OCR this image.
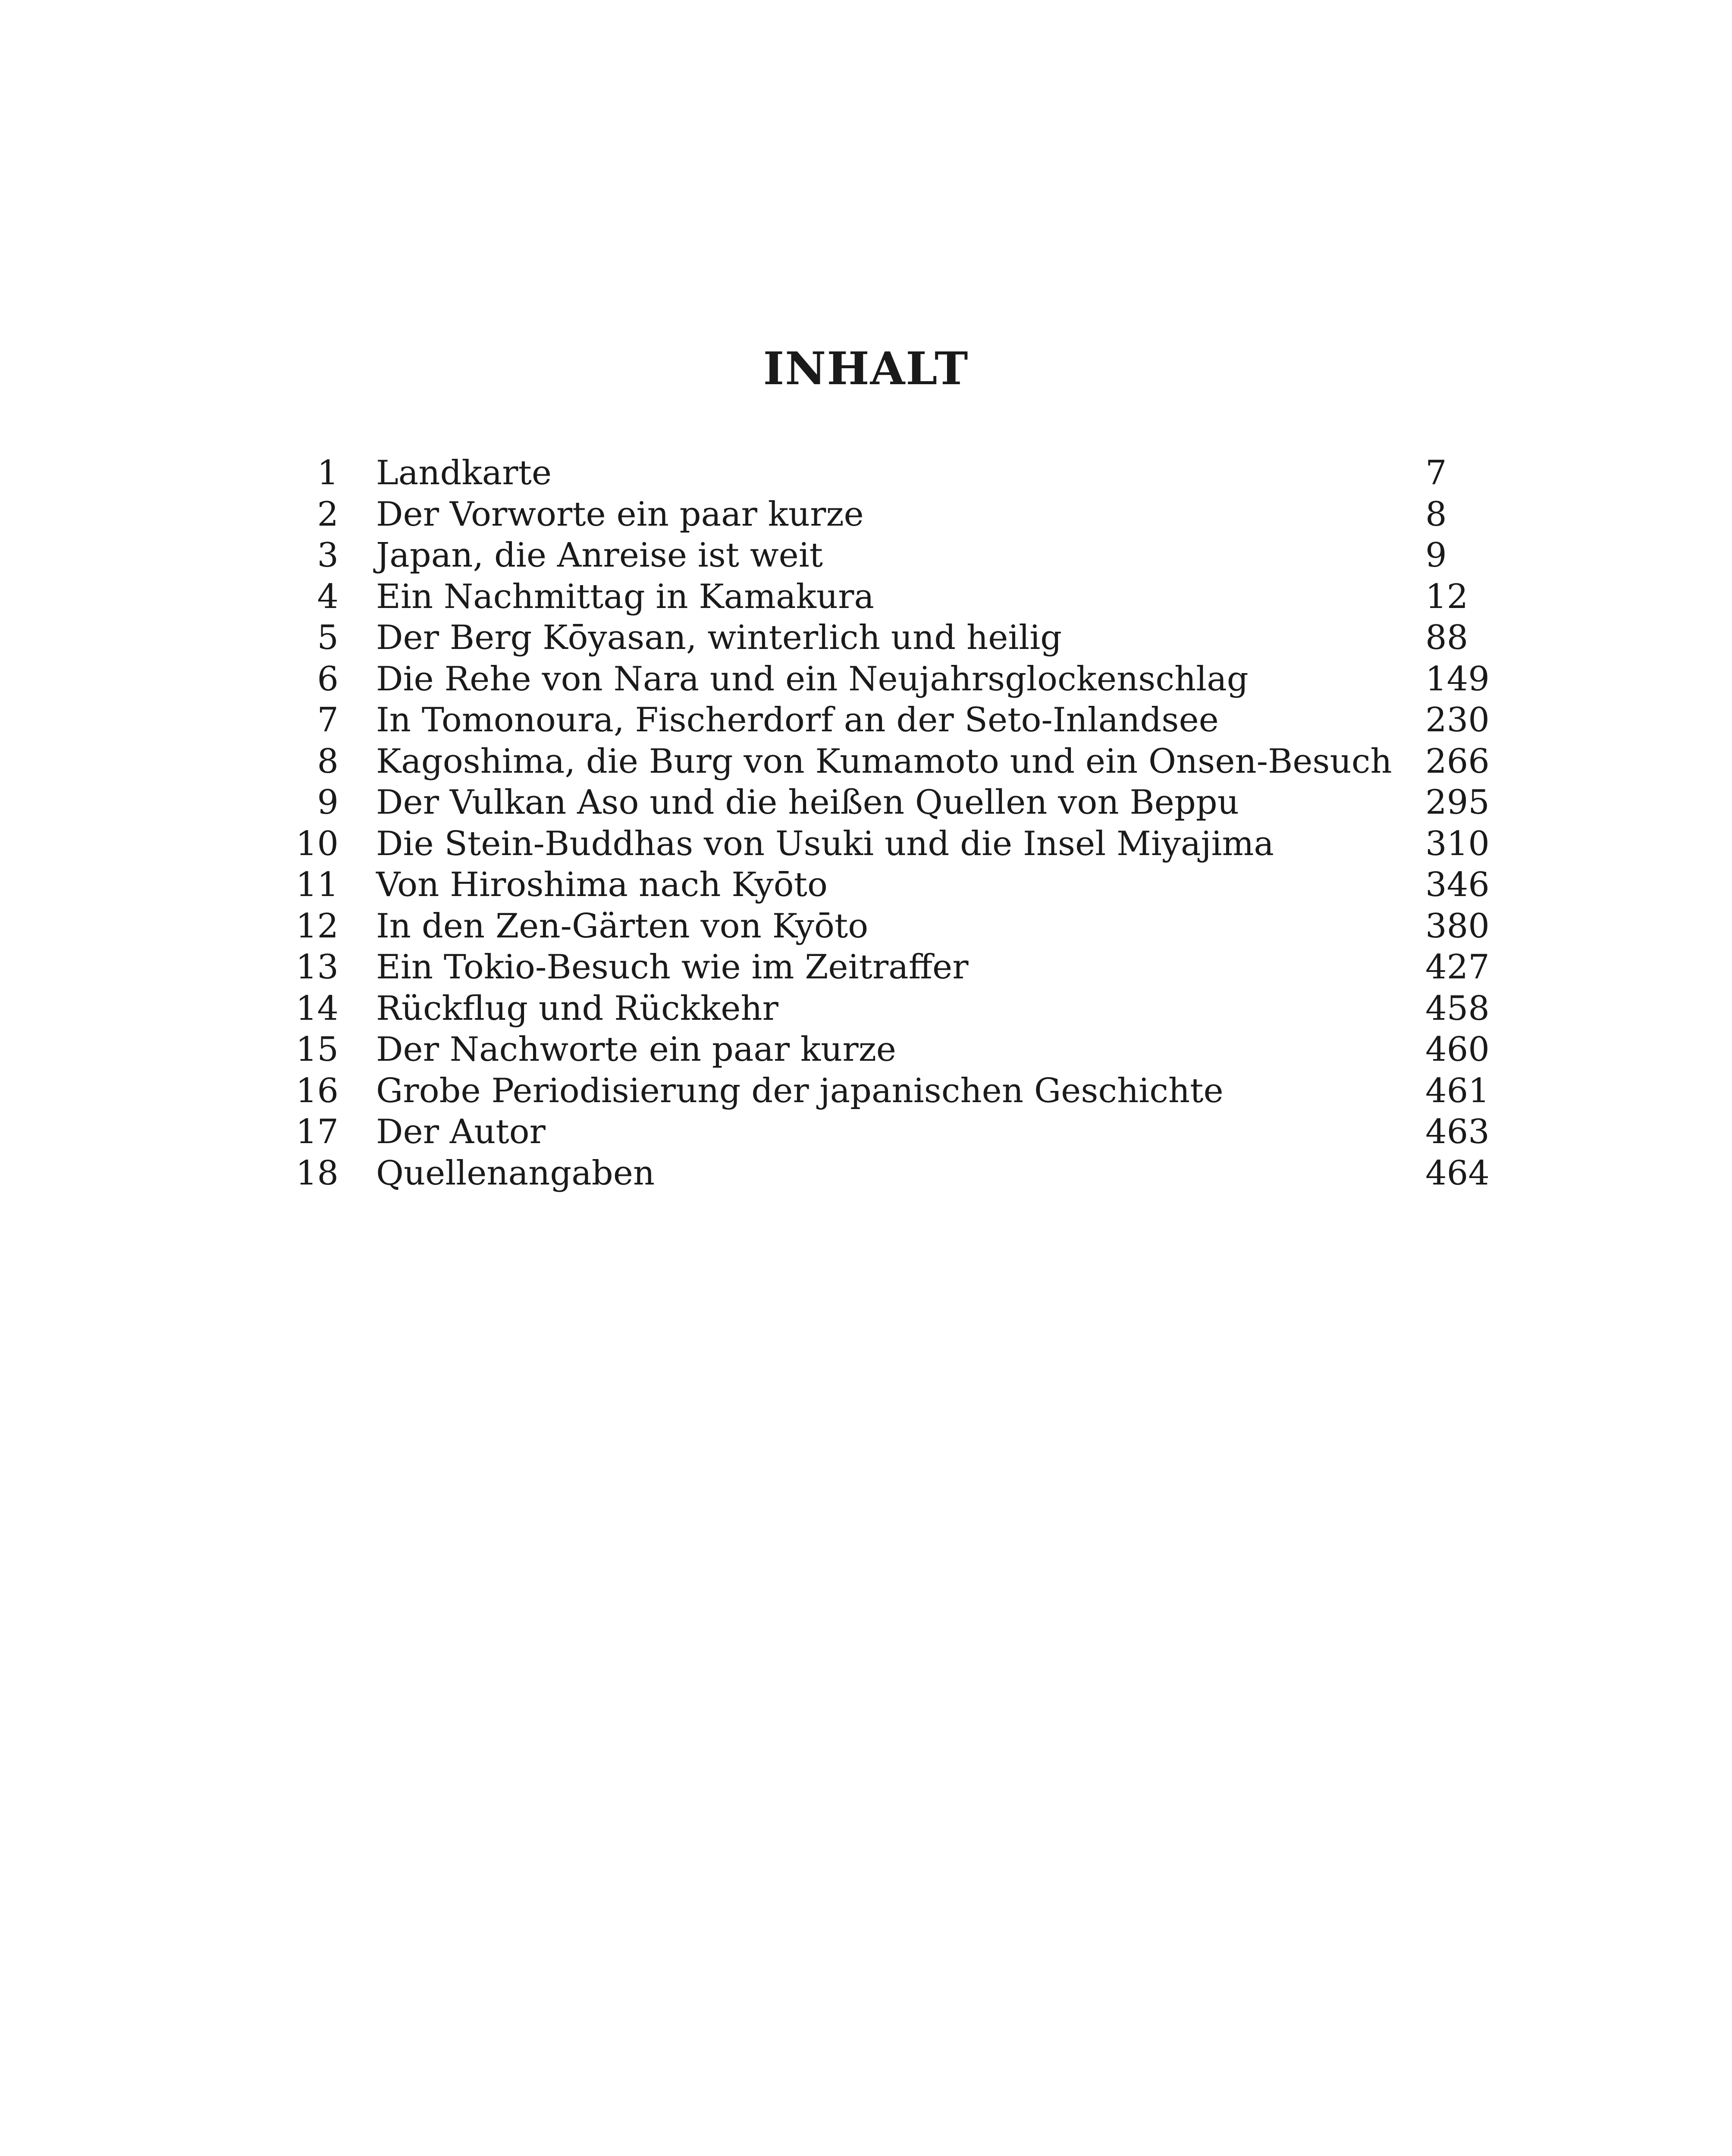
INHALT
1 Landkarte	7
2 Der Vorworte ein paar kurze	8
3 Japan, die Anreise ist weit	9
4 Ein Nachmittag in Kamakura	12
5 Der Berg Kōyasan, winterlich und heilig	88
6 Die Rehe von Nara und ein Neujahrsglockenschlag	149
7 In Tomonoura, Fischerdorf an der Seto-Inlandsee	230
8 Kagoshima, die Burg von Kumamoto und ein Onsen-Besuch 266
9 Der Vulkan Aso und die heißen Quellen von Beppu	295
10 Die Stein-Buddhas von Usuki und die Insel Miyajima	310
11 Von Hiroshima nach Kyōto	346
12 In den Zen-Gärten von Kyōto	380
13 Ein Tokio-Besuch wie im Zeitraffer	427
14 Rückflug und Rückkehr	458
15 Der Nachworte ein paar kurze	460
16 Grobe Periodisierung der japanischen Geschichte	461
17 Der Autor	463
18 Quellenangaben	464
